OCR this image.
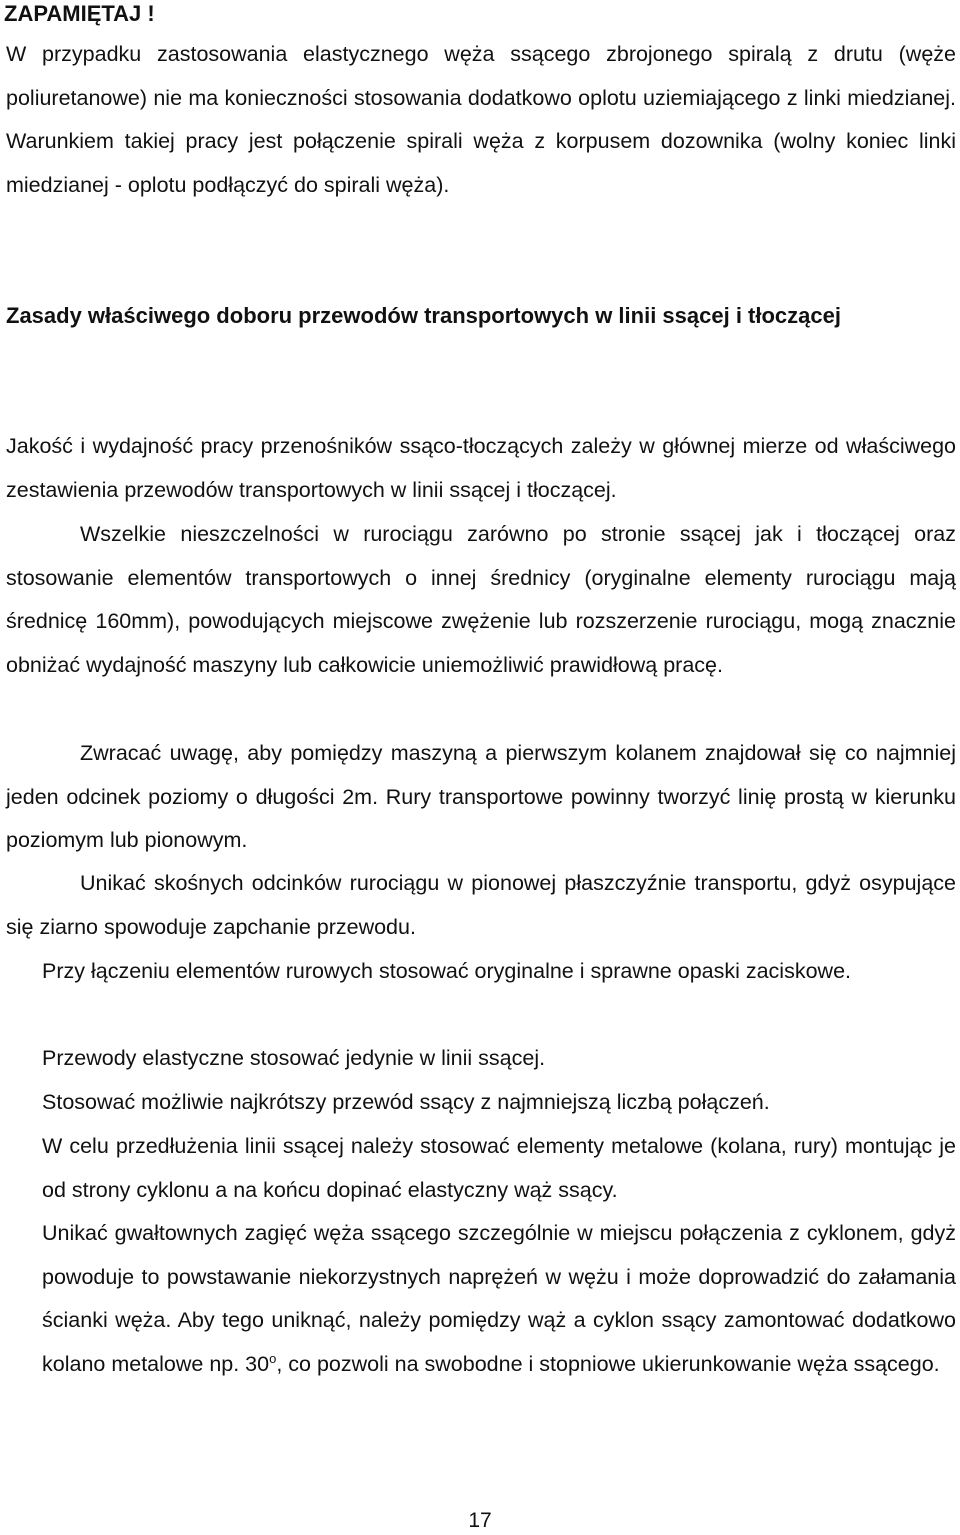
ZAPAMIĘTAJ !

W przypadku zastosowania elastycznego węża ssącego zbrojonego spiralą z drutu (węże poliuretanowe) nie ma konieczności stosowania dodatkowo oplotu uziemiającego z linki miedzianej. Warunkiem takiej pracy jest połączenie spirali węża z korpusem dozownika (wolny koniec linki miedzianej - oplotu podłączyć do spirali węża).

Zasady właściwego doboru przewodów transportowych w linii ssącej i tłoczącej

Jakość i wydajność pracy przenośników ssąco-tłoczących zależy w głównej mierze od właściwego zestawienia przewodów transportowych w linii ssącej i tłoczącej.

Wszelkie nieszczelności w rurociągu zarówno po stronie ssącej jak i tłoczącej oraz stosowanie elementów transportowych o innej średnicy (oryginalne elementy rurociągu mają średnicę 160mm), powodujących miejscowe zwężenie lub rozszerzenie rurociągu, mogą znacznie obniżać wydajność maszyny lub całkowicie uniemożliwić prawidłową pracę.

Zwracać uwagę, aby pomiędzy maszyną a pierwszym kolanem znajdował się co najmniej jeden odcinek poziomy o długości 2m. Rury transportowe powinny tworzyć linię prostą w kierunku poziomym lub pionowym.

Unikać skośnych odcinków rurociągu w pionowej płaszczyźnie transportu, gdyż osypujące się ziarno spowoduje zapchanie przewodu.

Przy łączeniu elementów rurowych stosować oryginalne i sprawne opaski zaciskowe.

Przewody elastyczne stosować jedynie w linii ssącej.

Stosować możliwie najkrótszy przewód ssący z najmniejszą liczbą połączeń.

W celu przedłużenia linii ssącej należy stosować elementy metalowe (kolana, rury) montując je od strony cyklonu a na końcu dopinać elastyczny wąż ssący.

Unikać gwałtownych zagięć węża ssącego szczególnie w miejscu połączenia z cyklonem, gdyż powoduje to powstawanie niekorzystnych naprężeń w wężu i może doprowadzić do załamania ścianki węża. Aby tego uniknąć, należy pomiędzy wąż a cyklon ssący zamontować dodatkowo kolano metalowe np. 30$^o$, co pozwoli na swobodne i stopniowe ukierunkowanie węża ssącego.

17
